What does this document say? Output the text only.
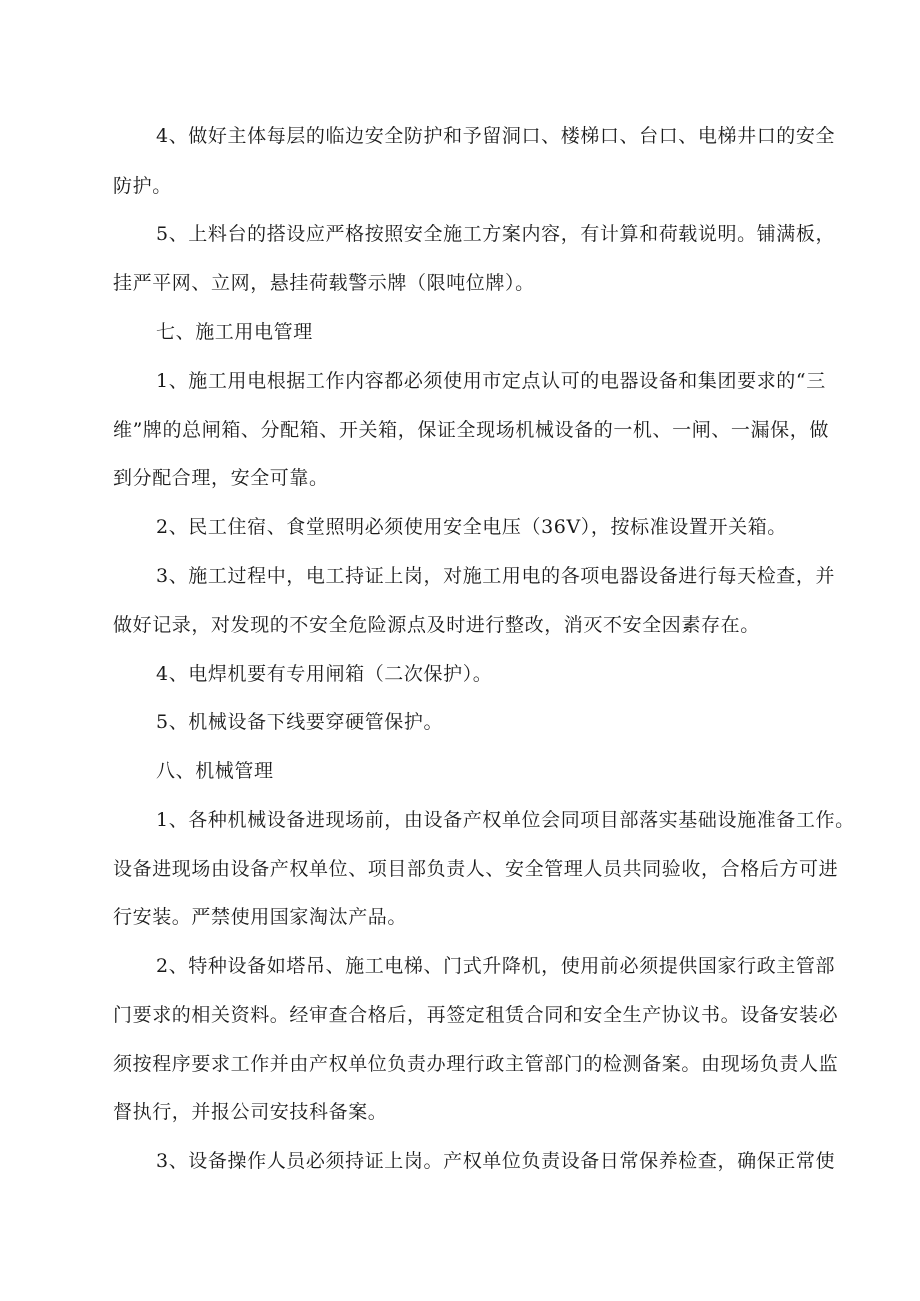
4、做好主体每层的临边安全防护和予留洞口、楼梯口、台口、电梯井口的安全
防护。
5、上料台的搭设应严格按照安全施工方案内容，有计算和荷载说明。铺满板，
挂严平网、立网，悬挂荷载警示牌（限吨位牌）。
七、施工用电管理
1、施工用电根据工作内容都必须使用市定点认可的电器设备和集团要求的“三
维”牌的总闸箱、分配箱、开关箱，保证全现场机械设备的一机、一闸、一漏保，做
到分配合理，安全可靠。
2、民工住宿、食堂照明必须使用安全电压（36V），按标准设置开关箱。
3、施工过程中，电工持证上岗，对施工用电的各项电器设备进行每天检查，并
做好记录，对发现的不安全危险源点及时进行整改，消灭不安全因素存在。
4、电焊机要有专用闸箱（二次保护）。
5、机械设备下线要穿硬管保护。
八、机械管理
1、各种机械设备进现场前，由设备产权单位会同项目部落实基础设施准备工作。
设备进现场由设备产权单位、项目部负责人、安全管理人员共同验收，合格后方可进
行安装。严禁使用国家淘汰产品。
2、特种设备如塔吊、施工电梯、门式升降机，使用前必须提供国家行政主管部
门要求的相关资料。经审查合格后，再签定租赁合同和安全生产协议书。设备安装必
须按程序要求工作并由产权单位负责办理行政主管部门的检测备案。由现场负责人监
督执行，并报公司安技科备案。
3、设备操作人员必须持证上岗。产权单位负责设备日常保养检查，确保正常使
